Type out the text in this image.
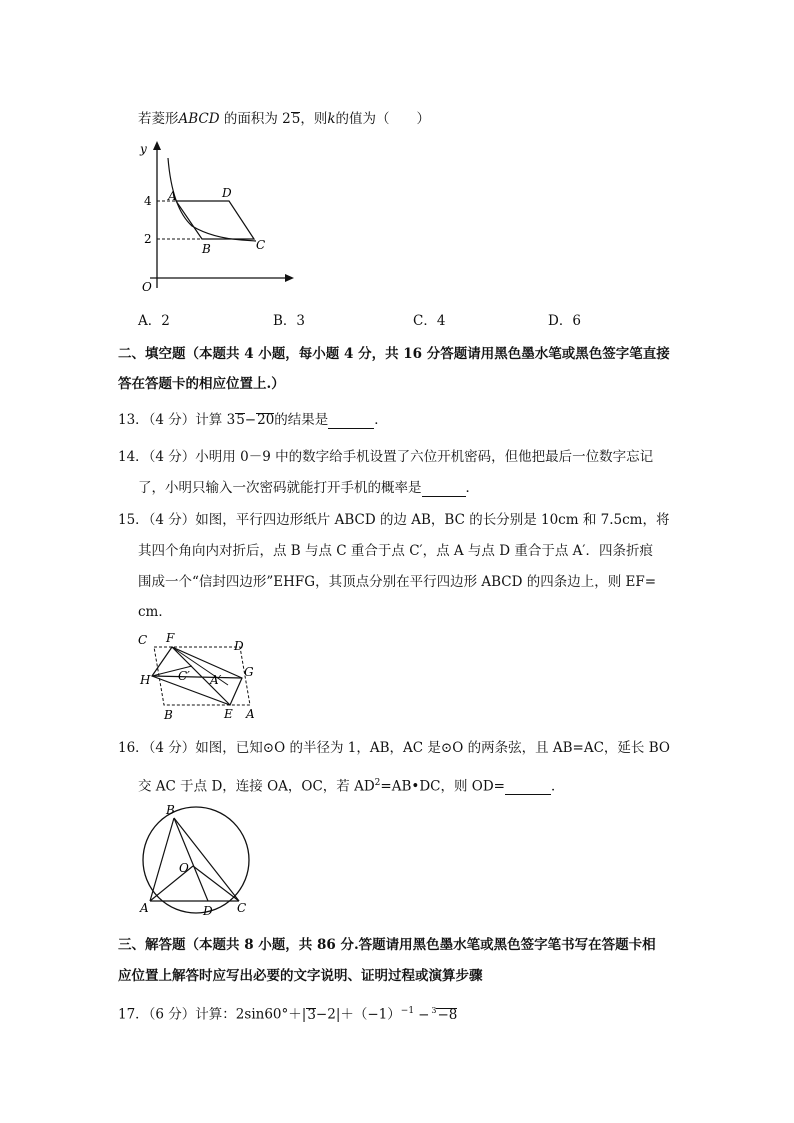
若菱形ABCD 的面积为 25，则k的值为（　　）
y
O
4
2
A	D
B	C
A．2	B．3	C．4	D．6
二、填空题（本题共 4 小题，每小题 4 分，共 16 分答题请用黑色墨水笔或黑色签字笔直接
答在答题卡的相应位置上.）
13．（4 分）计算 35−20的结果是	．
14．（4 分）小明用 0－9 中的数字给手机设置了六位开机密码，但他把最后一位数字忘记
了，小明只输入一次密码就能打开手机的概率是	．
15．（4 分）如图，平行四边形纸片 ABCD 的边 AB，BC 的长分别是 10cm 和 7.5cm，将
其四个角向内对折后，点 B 与点 C 重合于点 C′，点 A 与点 D 重合于点 A′．四条折痕
围成一个“信封四边形”EHFG，其顶点分别在平行四边形 ABCD 的四条边上，则 EF=
cm．
C F
D
H C′ A′
G
B	E A
16．（4 分）如图，已知⊙O 的半径为 1，AB，AC 是⊙O 的两条弦，且 AB=AC，延长 BO
交 AC 于点 D，连接 OA，OC，若 $AD^2=AB•DC$，则 OD=	．
B
O
A	D C
三、解答题（本题共 8 小题，共 86 分.答题请用黑色墨水笔或黑色签字笔书写在答题卡相
应位置上解答时应写出必要的文字说明、证明过程或演算步骤
17．（6 分）计算：$2\sin 60^\circ+|3-2|+(-1)^{-1} - ^3-8$
